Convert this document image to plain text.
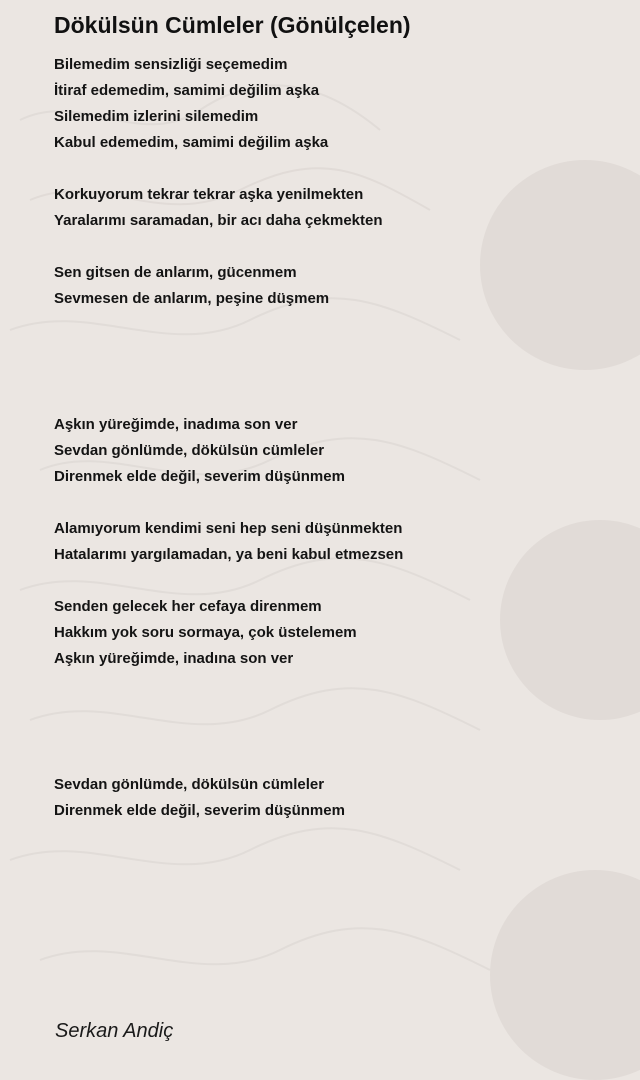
Dökülsün Cümleler (Gönülçelen)
Bilemedim sensizliği seçemedim
İtiraf edemedim, samimi değilim aşka
Silemedim izlerini silemedim
Kabul edemedim, samimi değilim aşka
Korkuyorum tekrar tekrar aşka yenilmekten
Yaralarımı saramadan, bir acı daha çekmekten
Sen gitsen de anlarım, gücenmem
Sevmesen de anlarım, peşine düşmem
Aşkın yüreğimde, inadıma son ver
Sevdan gönlümde, dökülsün cümleler
Direnmek elde değil, severim düşünmem
Alamıyorum kendimi seni hep seni düşünmekten
Hatalarımı yargılamadan, ya beni kabul etmezsen
Senden gelecek her cefaya direnmem
Hakkım yok soru sormaya, çok üstelemem
Aşkın yüreğimde, inadına son ver
Sevdan gönlümde, dökülsün cümleler
Direnmek elde değil, severim düşünmem
Serkan Andiç
